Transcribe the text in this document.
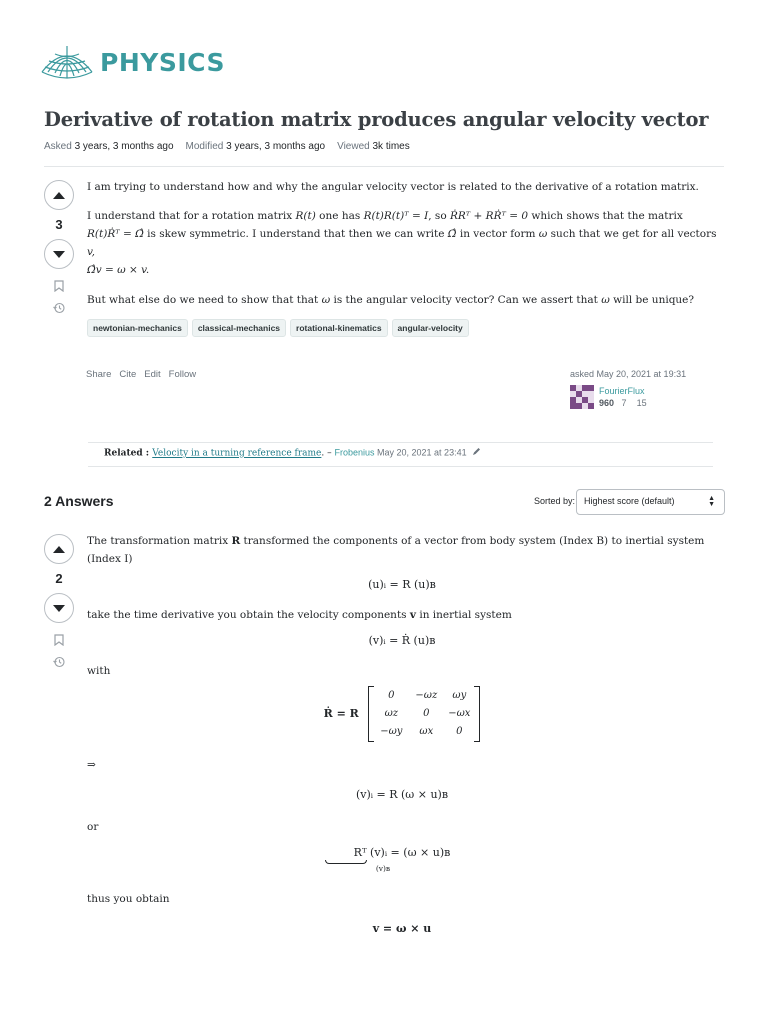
PHYSICS
Derivative of rotation matrix produces angular velocity vector
Asked 3 years, 3 months ago Modified 3 years, 3 months ago Viewed 3k times
3

I am trying to understand how and why the angular velocity vector is related to the derivative of a rotation matrix.

I understand that for a rotation matrix R(t) one has R(t)R(t)ᵀ = I, so ṘRᵀ + RṘᵀ = 0 which shows that the matrix
R(t)Ṙᵀ = Ω̂ is skew symmetric. I understand that then we can write Ω̂ in vector form ω such that we get for all vectors v,
Ω̂v = ω × v.

But what else do we need to show that that ω is the angular velocity vector? Can we assert that ω will be unique?

newtonian-mechanics	classical-mechanics	rotational-kinematics	angular-velocity
Share Cite Edit Follow	asked May 20, 2021 at 19:31
FourierFlux
960 7 15
Related : Velocity in a turning reference frame. – Frobenius May 20, 2021 at 23:41
2 Answers	Sorted by: Highest score (default)	▲
▼
2

The transformation matrix R transformed the components of a vector from body system (Index B) to inertial system (Index I)

(u)ᵢ = R (u)ʙ

take the time derivative you obtain the velocity components v in inertial system

(v)ᵢ = Ṙ (u)ʙ

with

Ṙ = R
0	−ωz	ωy
ωz	0	−ωx
−ωy	ωx	0

⇒

(v)ᵢ = R (ω × u)ʙ

or

Rᵀ (v)ᵢ = (ω × u)ʙ
(v)ʙ

thus you obtain

v = ω × u
